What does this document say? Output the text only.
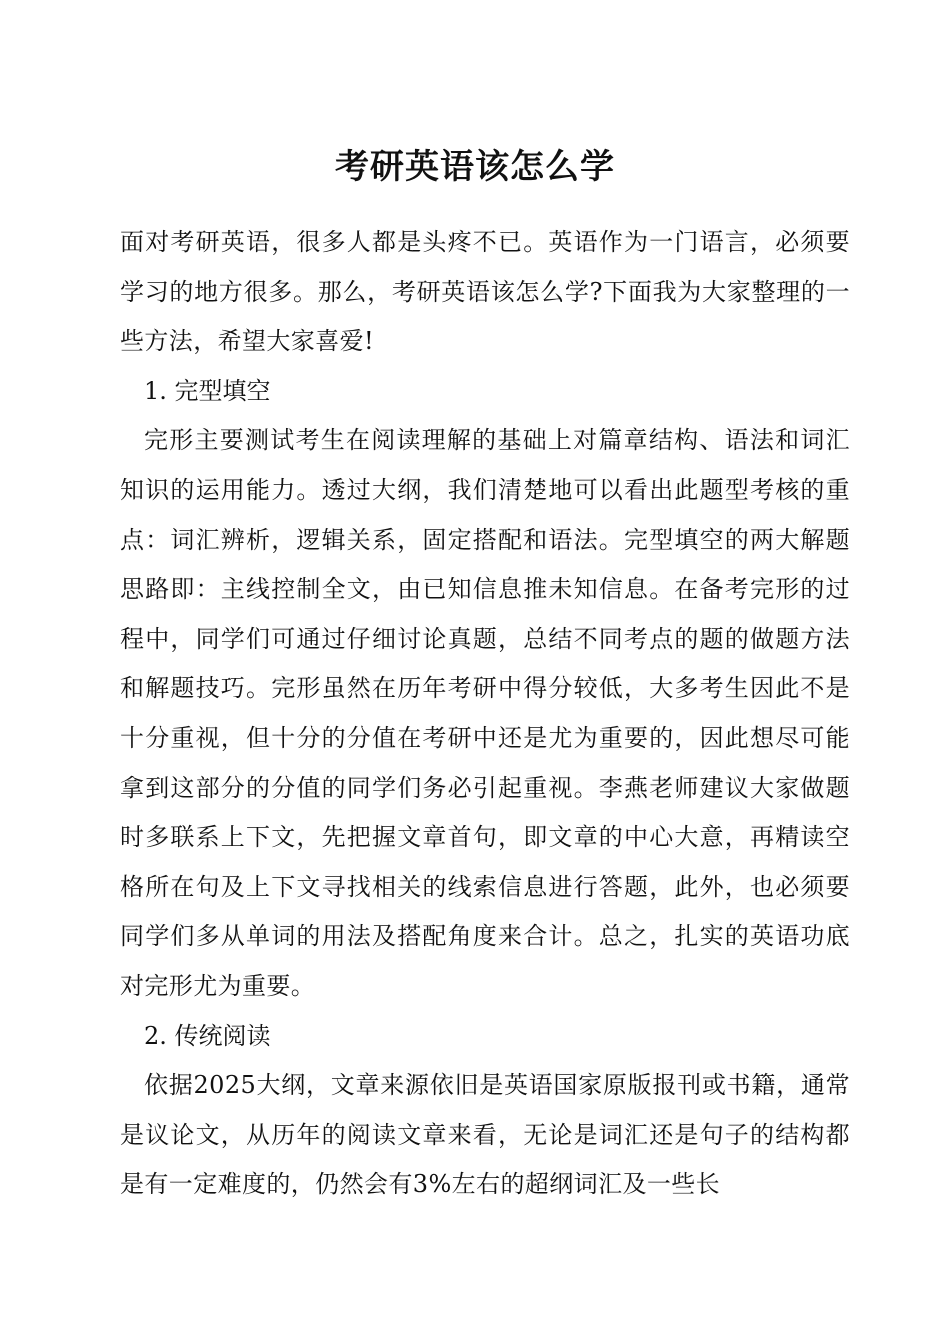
考研英语该怎么学

面对考研英语，很多人都是头疼不已。英语作为一门语言，必须要学习的地方很多。那么，考研英语该怎么学?下面我为大家整理的一些方法，希望大家喜爱!

1. 完型填空

完形主要测试考生在阅读理解的基础上对篇章结构、语法和词汇知识的运用能力。透过大纲，我们清楚地可以看出此题型考核的重点：词汇辨析，逻辑关系，固定搭配和语法。完型填空的两大解题思路即：主线控制全文，由已知信息推未知信息。在备考完形的过程中，同学们可通过仔细讨论真题，总结不同考点的题的做题方法和解题技巧。完形虽然在历年考研中得分较低，大多考生因此不是十分重视，但十分的分值在考研中还是尤为重要的，因此想尽可能拿到这部分的分值的同学们务必引起重视。李燕老师建议大家做题时多联系上下文，先把握文章首句，即文章的中心大意，再精读空格所在句及上下文寻找相关的线索信息进行答题，此外，也必须要同学们多从单词的用法及搭配角度来合计。总之，扎实的英语功底对完形尤为重要。

2. 传统阅读

依据2025大纲，文章来源依旧是英语国家原版报刊或书籍，通常是议论文，从历年的阅读文章来看，无论是词汇还是句子的结构都是有一定难度的，仍然会有3%左右的超纲词汇及一些长
